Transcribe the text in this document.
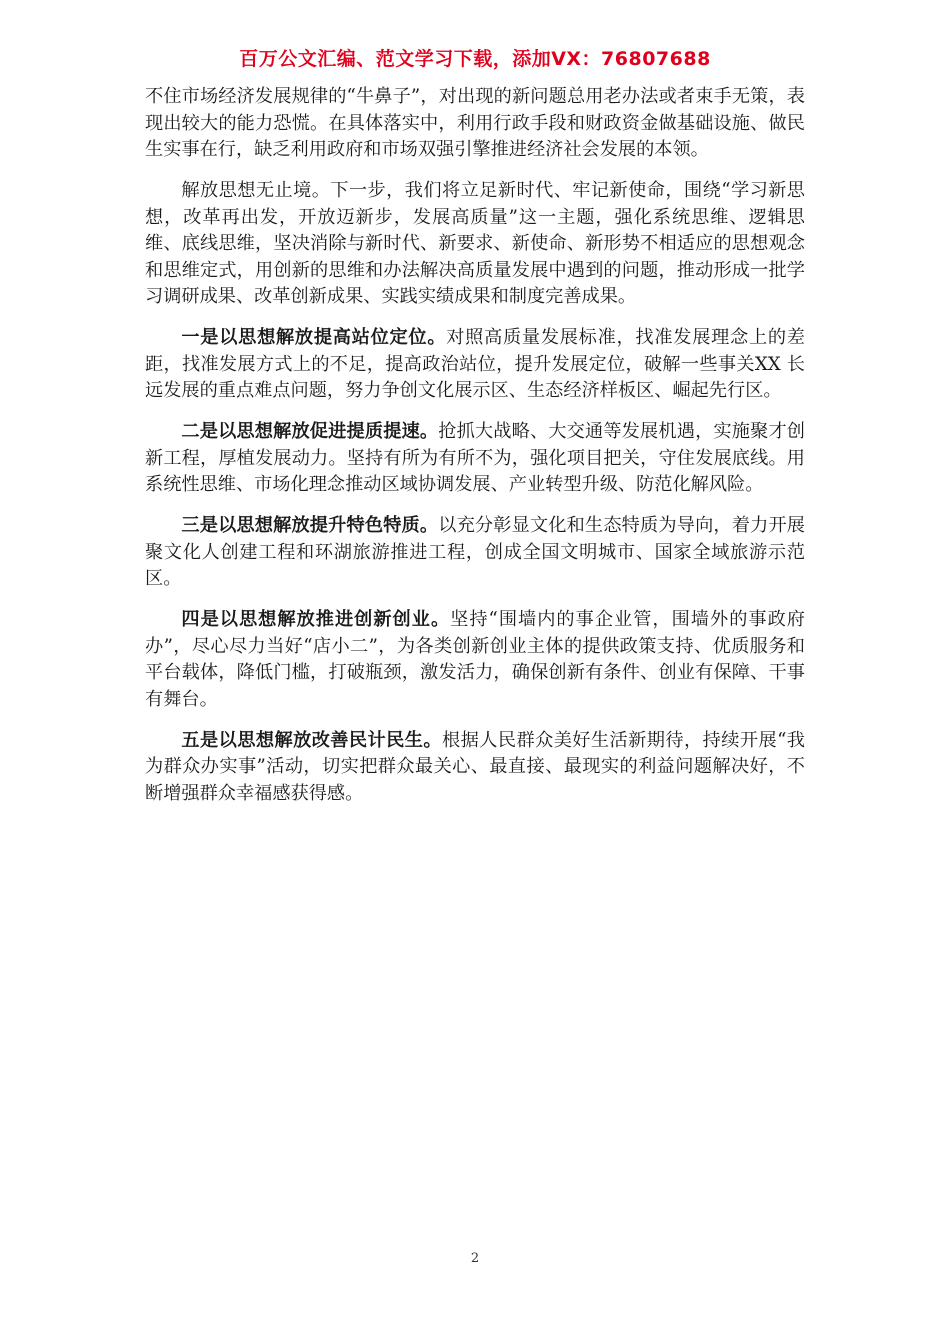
百万公文汇编、范文学习下载，添加VX：76807688

不住市场经济发展规律的“牛鼻子”，对出现的新问题总用老办法或者束手无策，表现出较大的能力恐慌。在具体落实中，利用行政手段和财政资金做基础设施、做民生实事在行，缺乏利用政府和市场双强引擎推进经济社会发展的本领。

解放思想无止境。下一步，我们将立足新时代、牢记新使命，围绕“学习新思想，改革再出发，开放迈新步，发展高质量”这一主题，强化系统思维、逻辑思维、底线思维，坚决消除与新时代、新要求、新使命、新形势不相适应的思想观念和思维定式，用创新的思维和办法解决高质量发展中遇到的问题，推动形成一批学习调研成果、改革创新成果、实践实绩成果和制度完善成果。

一是以思想解放提高站位定位。对照高质量发展标准，找准发展理念上的差距，找准发展方式上的不足，提高政治站位，提升发展定位，破解一些事关XX 长远发展的重点难点问题，努力争创文化展示区、生态经济样板区、崛起先行区。

二是以思想解放促进提质提速。抢抓大战略、大交通等发展机遇，实施聚才创新工程，厚植发展动力。坚持有所为有所不为，强化项目把关，守住发展底线。用系统性思维、市场化理念推动区域协调发展、产业转型升级、防范化解风险。

三是以思想解放提升特色特质。以充分彰显文化和生态特质为导向，着力开展聚文化人创建工程和环湖旅游推进工程，创成全国文明城市、国家全域旅游示范区。

四是以思想解放推进创新创业。坚持“围墙内的事企业管，围墙外的事政府办”，尽心尽力当好“店小二”，为各类创新创业主体的提供政策支持、优质服务和平台载体，降低门槛，打破瓶颈，激发活力，确保创新有条件、创业有保障、干事有舞台。

五是以思想解放改善民计民生。根据人民群众美好生活新期待，持续开展“我为群众办实事”活动，切实把群众最关心、最直接、最现实的利益问题解决好，不断增强群众幸福感获得感。

2
